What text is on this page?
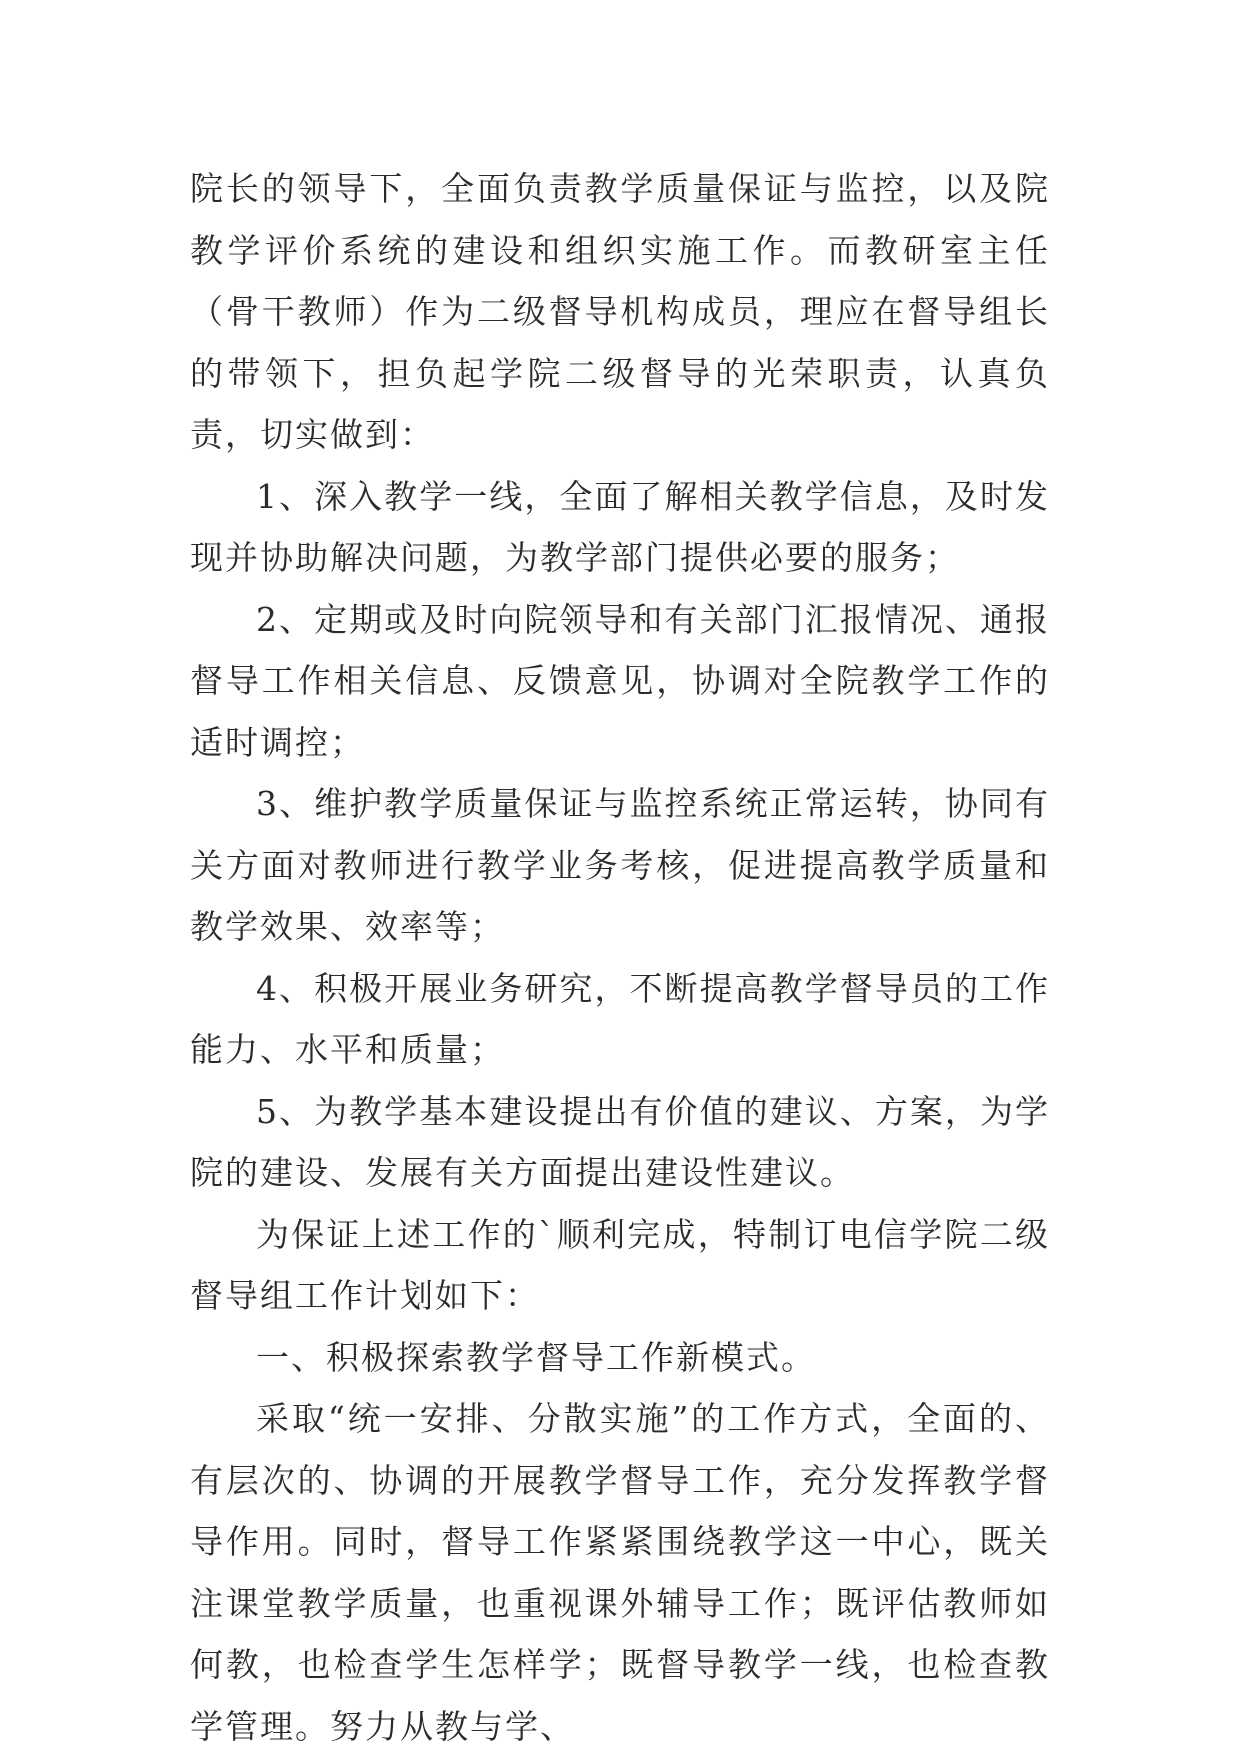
院长的领导下，全面负责教学质量保证与监控，以及院教学评价系统的建设和组织实施工作。而教研室主任（骨干教师）作为二级督导机构成员，理应在督导组长的带领下，担负起学院二级督导的光荣职责，认真负责，切实做到：

1、深入教学一线，全面了解相关教学信息，及时发现并协助解决问题，为教学部门提供必要的服务；

2、定期或及时向院领导和有关部门汇报情况、通报督导工作相关信息、反馈意见，协调对全院教学工作的适时调控；

3、维护教学质量保证与监控系统正常运转，协同有关方面对教师进行教学业务考核，促进提高教学质量和教学效果、效率等；

4、积极开展业务研究，不断提高教学督导员的工作能力、水平和质量；

5、为教学基本建设提出有价值的建议、方案，为学院的建设、发展有关方面提出建设性建议。

为保证上述工作的`顺利完成，特制订电信学院二级督导组工作计划如下：

一、积极探索教学督导工作新模式。

采取“统一安排、分散实施”的工作方式，全面的、有层次的、协调的开展教学督导工作，充分发挥教学督导作用。同时，督导工作紧紧围绕教学这一中心，既关注课堂教学质量，也重视课外辅导工作；既评估教师如何教，也检查学生怎样学；既督导教学一线，也检查教学管理。努力从教与学、
